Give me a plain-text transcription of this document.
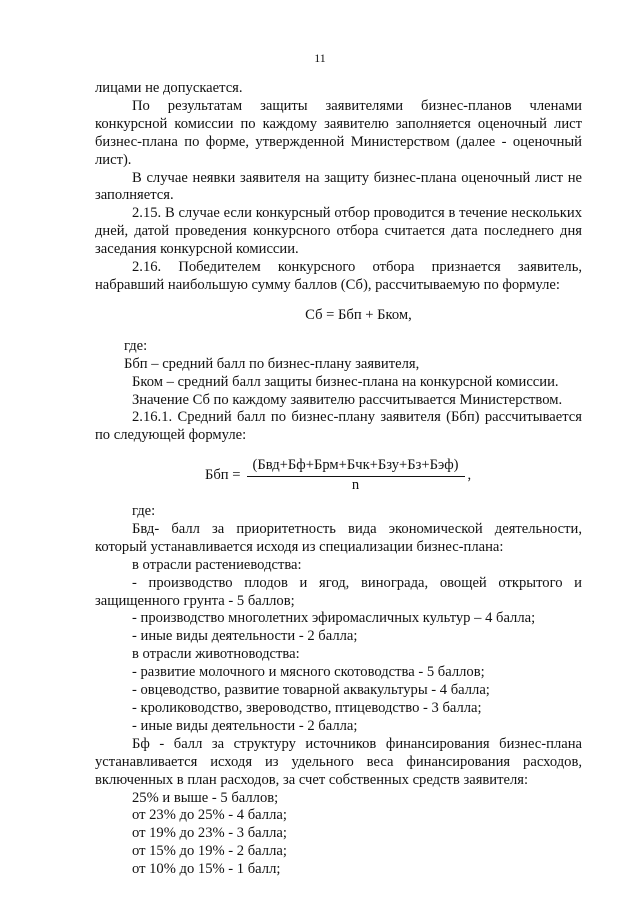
11

лицами не допускается.

По результатам защиты заявителями бизнес-планов членами конкурсной комиссии по каждому заявителю заполняется оценочный лист бизнес-плана по форме, утвержденной Министерством (далее - оценочный лист).

В случае неявки заявителя на защиту бизнес-плана оценочный лист не заполняется.

2.15. В случае если конкурсный отбор проводится в течение нескольких дней, датой проведения конкурсного отбора считается дата последнего дня заседания конкурсной комиссии.

2.16. Победителем конкурсного отбора признается заявитель, набравший наибольшую сумму баллов (Сб), рассчитываемую по формуле:

Сб = Ббп + Бком,

где:

Ббп – средний балл по бизнес-плану заявителя,

Бком – средний балл защиты бизнес-плана на конкурсной комиссии.

Значение Сб по каждому заявителю рассчитывается Министерством.

2.16.1. Средний балл по бизнес-плану заявителя (Ббп) рассчитывается по следующей формуле:

Ббп = $\frac{\text{(Бвд+Бф+Брм+Бчк+Бзу+Бз+Бэф)}}{n}$ ,

где:

Бвд- балл за приоритетность вида экономической деятельности, который устанавливается исходя из специализации бизнес-плана:

в отрасли растениеводства:

- производство плодов и ягод, винограда, овощей открытого и защищенного грунта - 5 баллов;

- производство многолетних эфиромасличных культур – 4 балла;

- иные виды деятельности - 2 балла;

в отрасли животноводства:

- развитие молочного и мясного скотоводства - 5 баллов;

- овцеводство, развитие товарной аквакультуры - 4 балла;

- кролиководство, звероводство, птицеводство - 3 балла;

- иные виды деятельности - 2 балла;

Бф - балл за структуру источников финансирования бизнес-плана устанавливается исходя из удельного веса финансирования расходов, включенных в план расходов, за счет собственных средств заявителя:

25% и выше - 5 баллов;

от 23% до 25% - 4 балла;

от 19% до 23% - 3 балла;

от 15% до 19% - 2 балла;

от 10% до 15% - 1 балл;
